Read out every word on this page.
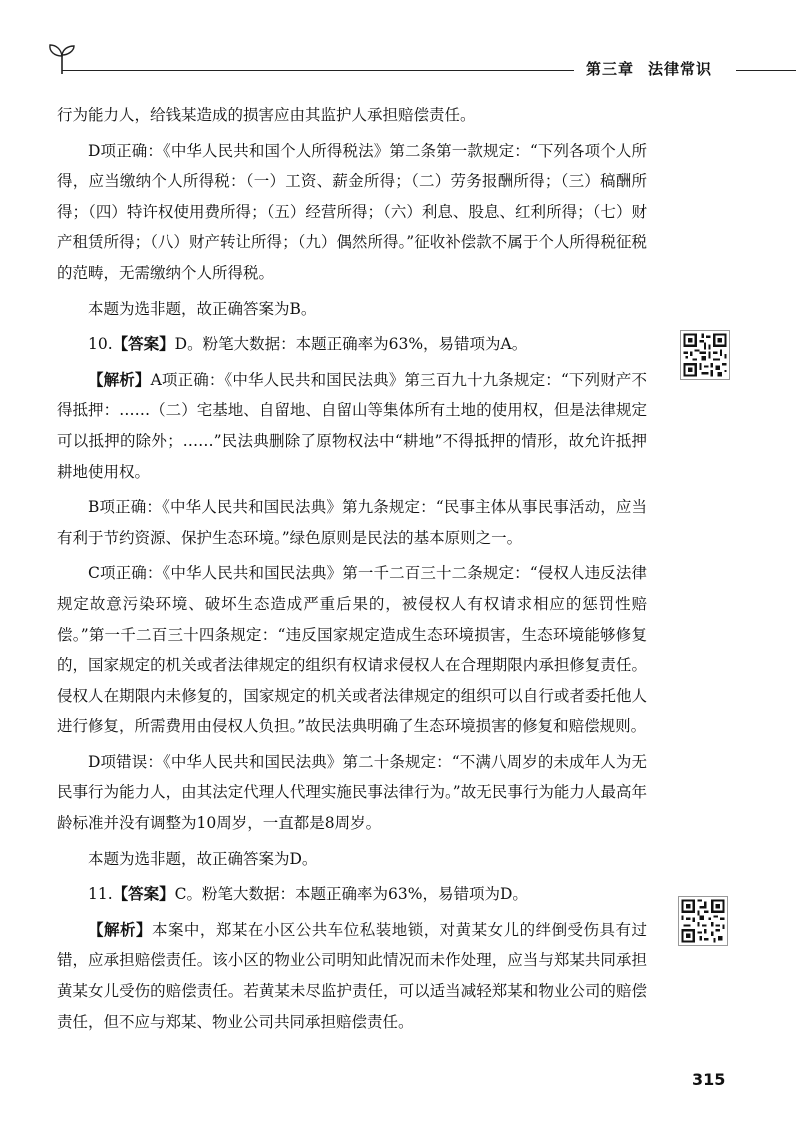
第三章 法律常识

行为能力人，给钱某造成的损害应由其监护人承担赔偿责任。

D项正确：《中华人民共和国个人所得税法》第二条第一款规定：“下列各项个人所得，应当缴纳个人所得税：（一）工资、薪金所得；（二）劳务报酬所得；（三）稿酬所得；（四）特许权使用费所得；（五）经营所得；（六）利息、股息、红利所得；（七）财产租赁所得；（八）财产转让所得；（九）偶然所得。”征收补偿款不属于个人所得税征税的范畴，无需缴纳个人所得税。

本题为选非题，故正确答案为B。

10.【答案】D。粉笔大数据：本题正确率为63%，易错项为A。

【解析】A项正确：《中华人民共和国民法典》第三百九十九条规定：“下列财产不得抵押：……（二）宅基地、自留地、自留山等集体所有土地的使用权，但是法律规定可以抵押的除外；……”民法典删除了原物权法中“耕地”不得抵押的情形，故允许抵押耕地使用权。

B项正确：《中华人民共和国民法典》第九条规定：“民事主体从事民事活动，应当有利于节约资源、保护生态环境。”绿色原则是民法的基本原则之一。

C项正确：《中华人民共和国民法典》第一千二百三十二条规定：“侵权人违反法律规定故意污染环境、破坏生态造成严重后果的，被侵权人有权请求相应的惩罚性赔偿。”第一千二百三十四条规定：“违反国家规定造成生态环境损害，生态环境能够修复的，国家规定的机关或者法律规定的组织有权请求侵权人在合理期限内承担修复责任。侵权人在期限内未修复的，国家规定的机关或者法律规定的组织可以自行或者委托他人进行修复，所需费用由侵权人负担。”故民法典明确了生态环境损害的修复和赔偿规则。

D项错误：《中华人民共和国民法典》第二十条规定：“不满八周岁的未成年人为无民事行为能力人，由其法定代理人代理实施民事法律行为。”故无民事行为能力人最高年龄标准并没有调整为10周岁，一直都是8周岁。

本题为选非题，故正确答案为D。

11.【答案】C。粉笔大数据：本题正确率为63%，易错项为D。

【解析】本案中，郑某在小区公共车位私装地锁，对黄某女儿的绊倒受伤具有过错，应承担赔偿责任。该小区的物业公司明知此情况而未作处理，应当与郑某共同承担黄某女儿受伤的赔偿责任。若黄某未尽监护责任，可以适当减轻郑某和物业公司的赔偿责任，但不应与郑某、物业公司共同承担赔偿责任。

315
